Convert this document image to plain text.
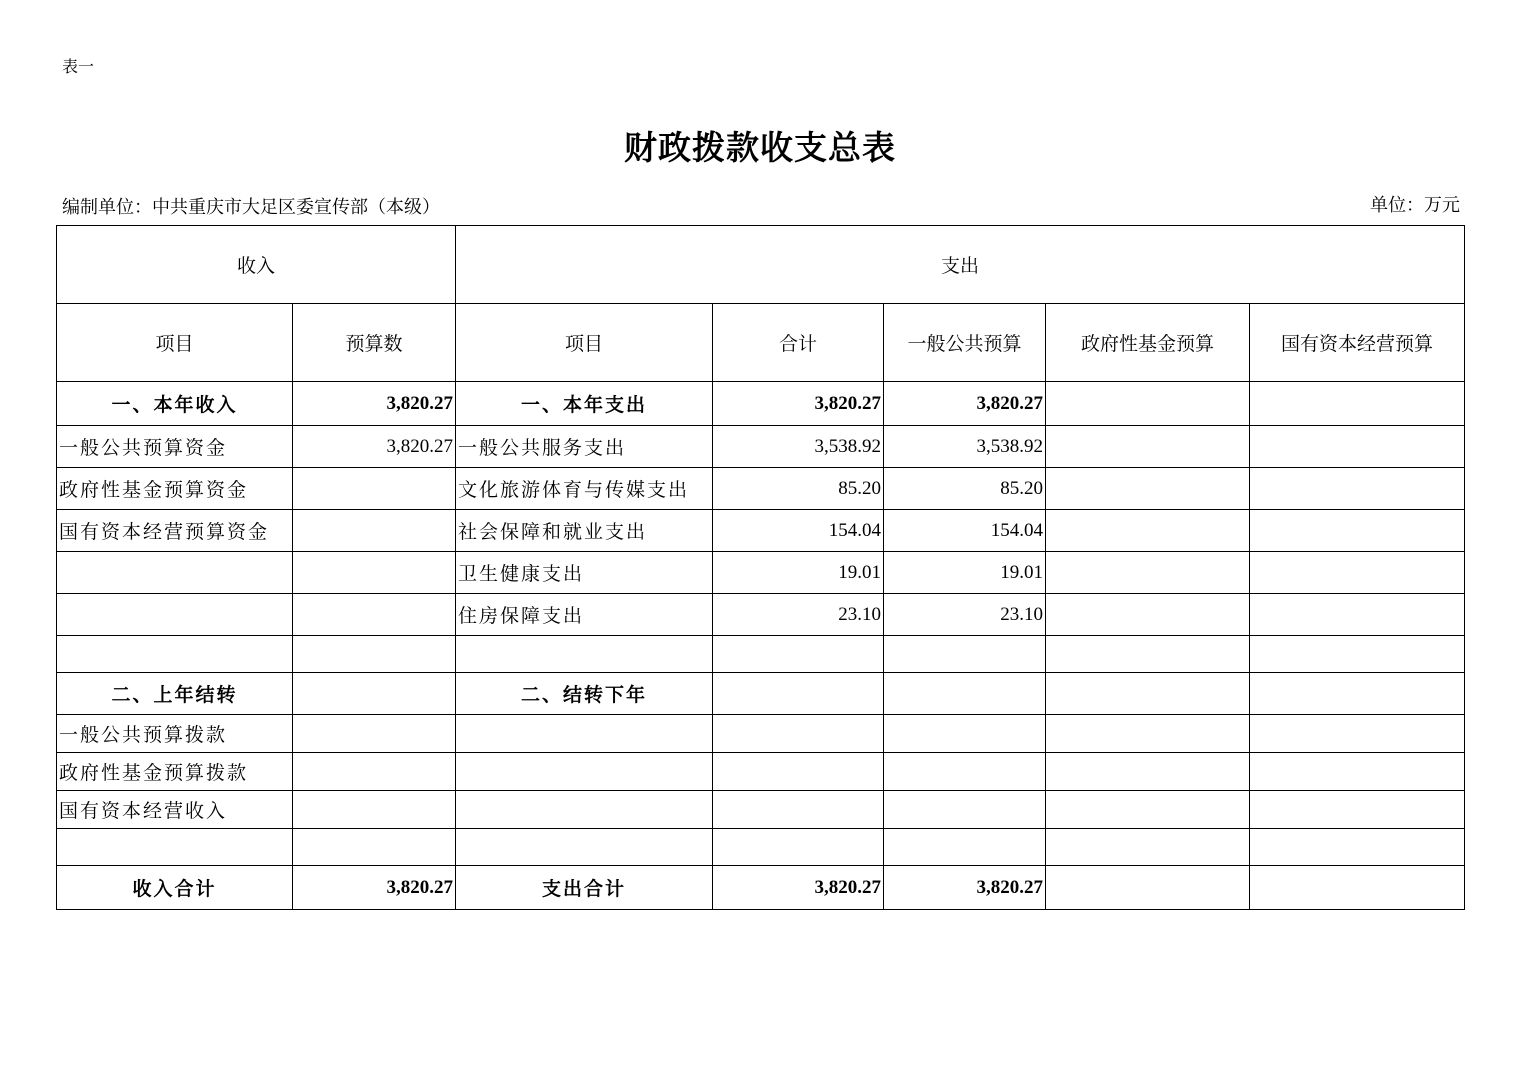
表一
财政拨款收支总表
编制单位：中共重庆市大足区委宣传部（本级）	单位：万元
收入		支出				
项目	预算数	项目	合计	一般公共预算	政府性基金预算	国有资本经营预算
一、本年收入	3,820.27	一、本年支出	3,820.27	3,820.27		
一般公共预算资金	3,820.27	一般公共服务支出	3,538.92	3,538.92		
政府性基金预算资金		文化旅游体育与传媒支出	85.20	85.20		
国有资本经营预算资金		社会保障和就业支出	154.04	154.04		
		卫生健康支出	19.01	19.01		
		住房保障支出	23.10	23.10		

二、上年结转		二、结转下年				
一般公共预算拨款						
政府性基金预算拨款						
国有资本经营收入						

收入合计	3,820.27	支出合计	3,820.27	3,820.27		
